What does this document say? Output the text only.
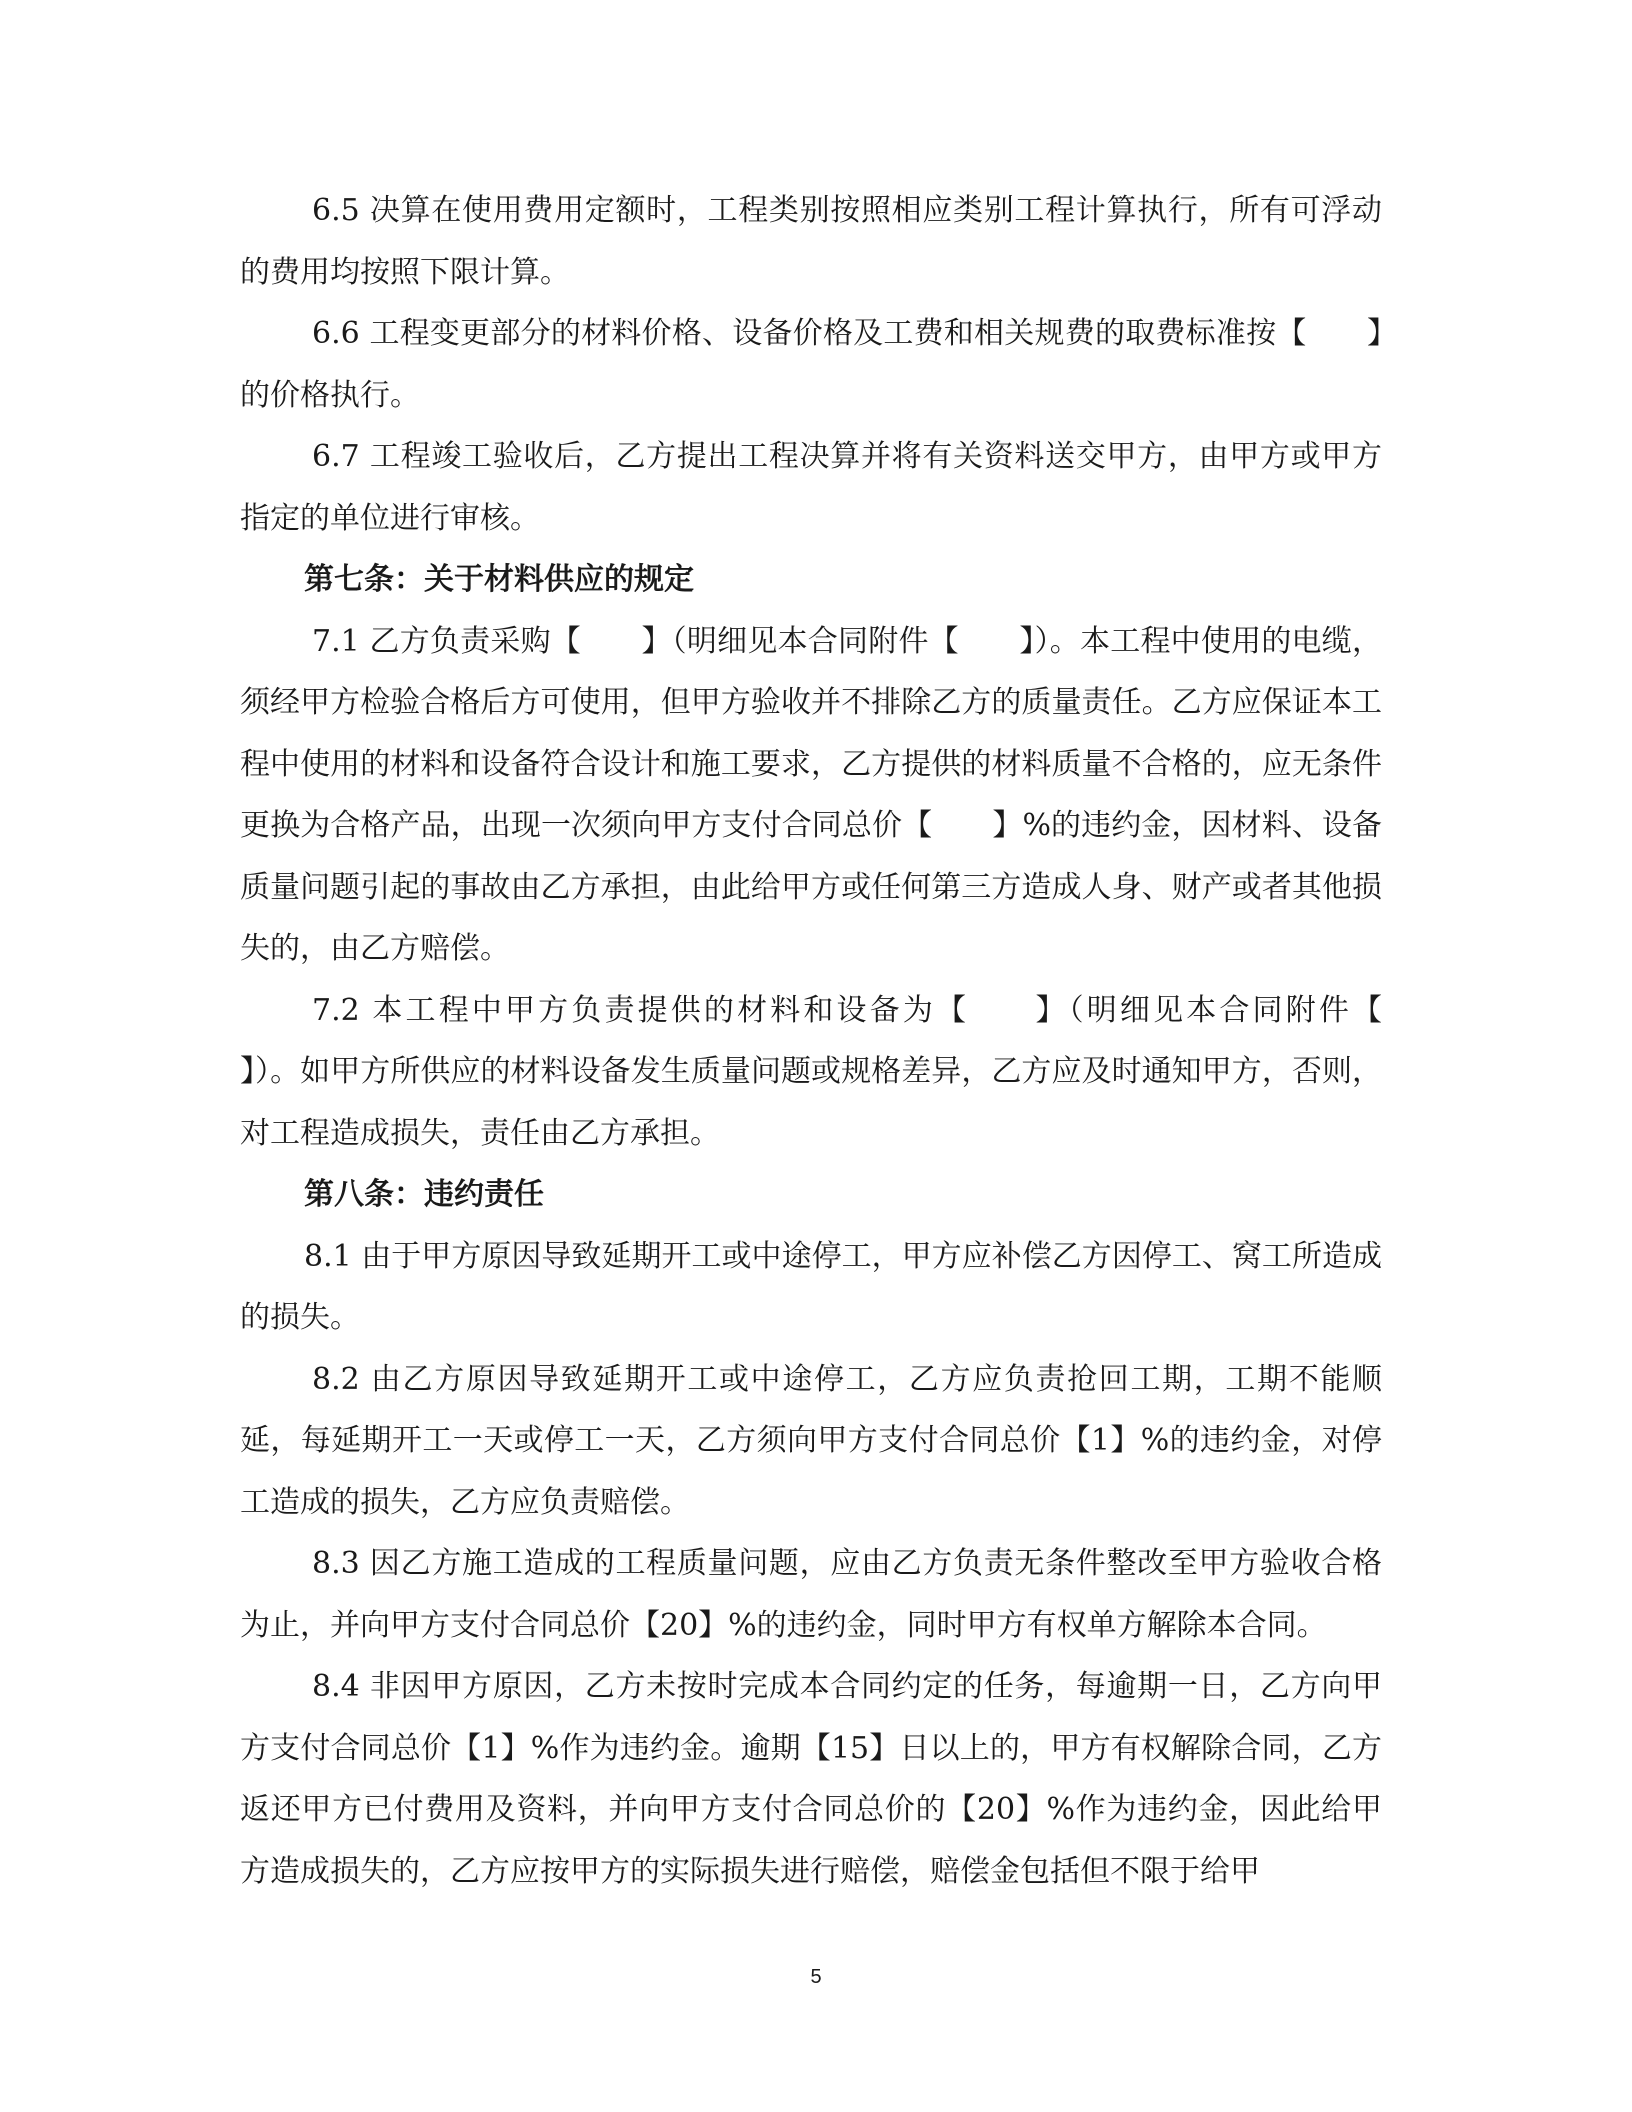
6.5 决算在使用费用定额时，工程类别按照相应类别工程计算执行，所有可浮动的费用均按照下限计算。

6.6 工程变更部分的材料价格、设备价格及工费和相关规费的取费标准按【　　】的价格执行。

6.7 工程竣工验收后，乙方提出工程决算并将有关资料送交甲方，由甲方或甲方指定的单位进行审核。

第七条：关于材料供应的规定

7.1 乙方负责采购【　　】（明细见本合同附件【　　】）。本工程中使用的电缆，须经甲方检验合格后方可使用，但甲方验收并不排除乙方的质量责任。乙方应保证本工程中使用的材料和设备符合设计和施工要求，乙方提供的材料质量不合格的，应无条件更换为合格产品，出现一次须向甲方支付合同总价【　　】%的违约金，因材料、设备质量问题引起的事故由乙方承担，由此给甲方或任何第三方造成人身、财产或者其他损失的，由乙方赔偿。

7.2 本工程中甲方负责提供的材料和设备为【　　】（明细见本合同附件【　　】）。如甲方所供应的材料设备发生质量问题或规格差异，乙方应及时通知甲方，否则，对工程造成损失，责任由乙方承担。

第八条：违约责任

8.1 由于甲方原因导致延期开工或中途停工，甲方应补偿乙方因停工、窝工所造成的损失。

8.2 由乙方原因导致延期开工或中途停工，乙方应负责抢回工期，工期不能顺延，每延期开工一天或停工一天，乙方须向甲方支付合同总价【1】%的违约金，对停工造成的损失，乙方应负责赔偿。

8.3 因乙方施工造成的工程质量问题，应由乙方负责无条件整改至甲方验收合格为止，并向甲方支付合同总价【20】%的违约金，同时甲方有权单方解除本合同。

8.4 非因甲方原因，乙方未按时完成本合同约定的任务，每逾期一日，乙方向甲方支付合同总价【1】%作为违约金。逾期【15】日以上的，甲方有权解除合同，乙方返还甲方已付费用及资料，并向甲方支付合同总价的【20】%作为违约金，因此给甲方造成损失的，乙方应按甲方的实际损失进行赔偿，赔偿金包括但不限于给甲

5
